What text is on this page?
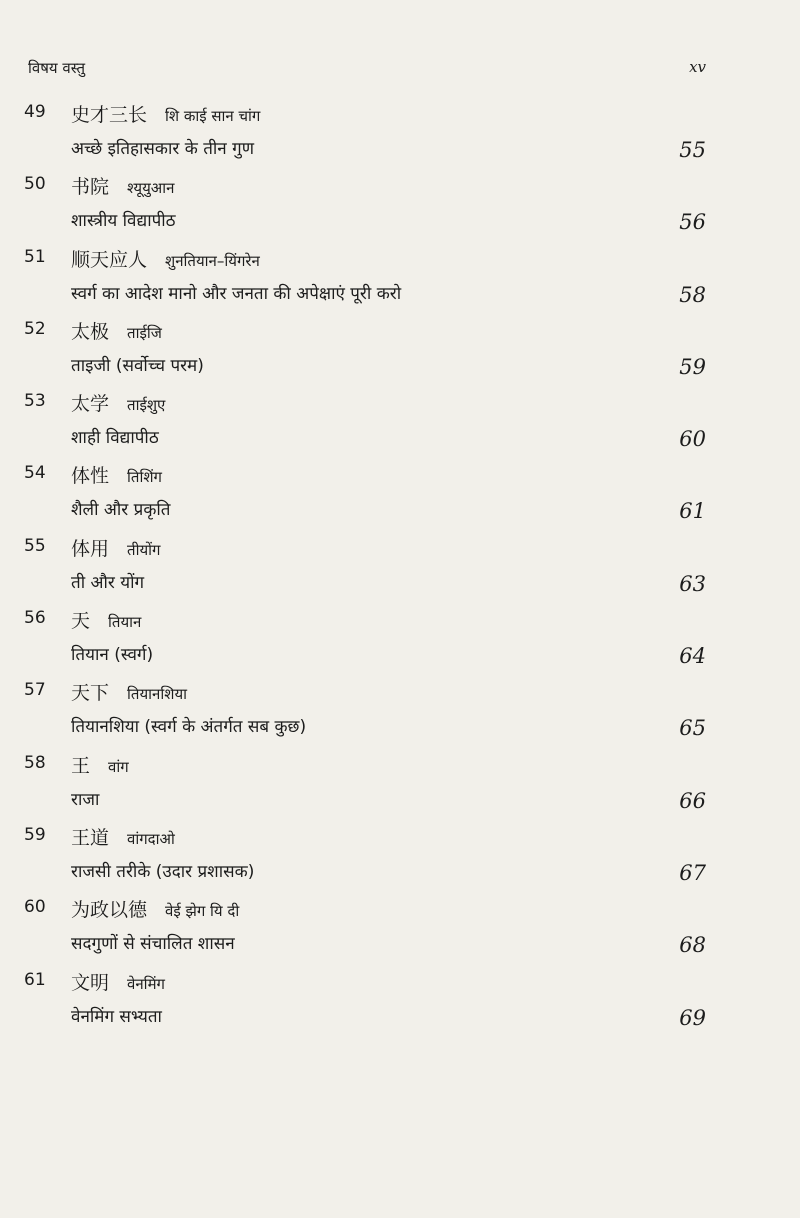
विषय वस्तु	xv
49 史才三长 शि काई सान चांग
अच्छे इतिहासकार के तीन गुण	55
50 书院 श्यूयुआन
शास्त्रीय विद्यापीठ	56
51 顺天应人 शुनतियान–यिंगरेन
स्वर्ग का आदेश मानो और जनता की अपेक्षाएं पूरी करो	58
52 太极 ताईजि
ताइजी (सर्वोच्च परम)	59
53 太学 ताईशुए
शाही विद्यापीठ	60
54 体性 तिशिंग
शैली और प्रकृति	61
55 体用 तीयोंग
ती और योंग	63
56 天 तियान
तियान (स्वर्ग)	64
57 天下 तियानशिया
तियानशिया (स्वर्ग के अंतर्गत सब कुछ)	65
58 王 वांग
राजा	66
59 王道 वांगदाओ
राजसी तरीके (उदार प्रशासक)	67
60 为政以德 वेई झेग यि दी
सदगुणों से संचालित शासन	68
61 文明 वेनमिंग
वेनमिंग सभ्यता	69
